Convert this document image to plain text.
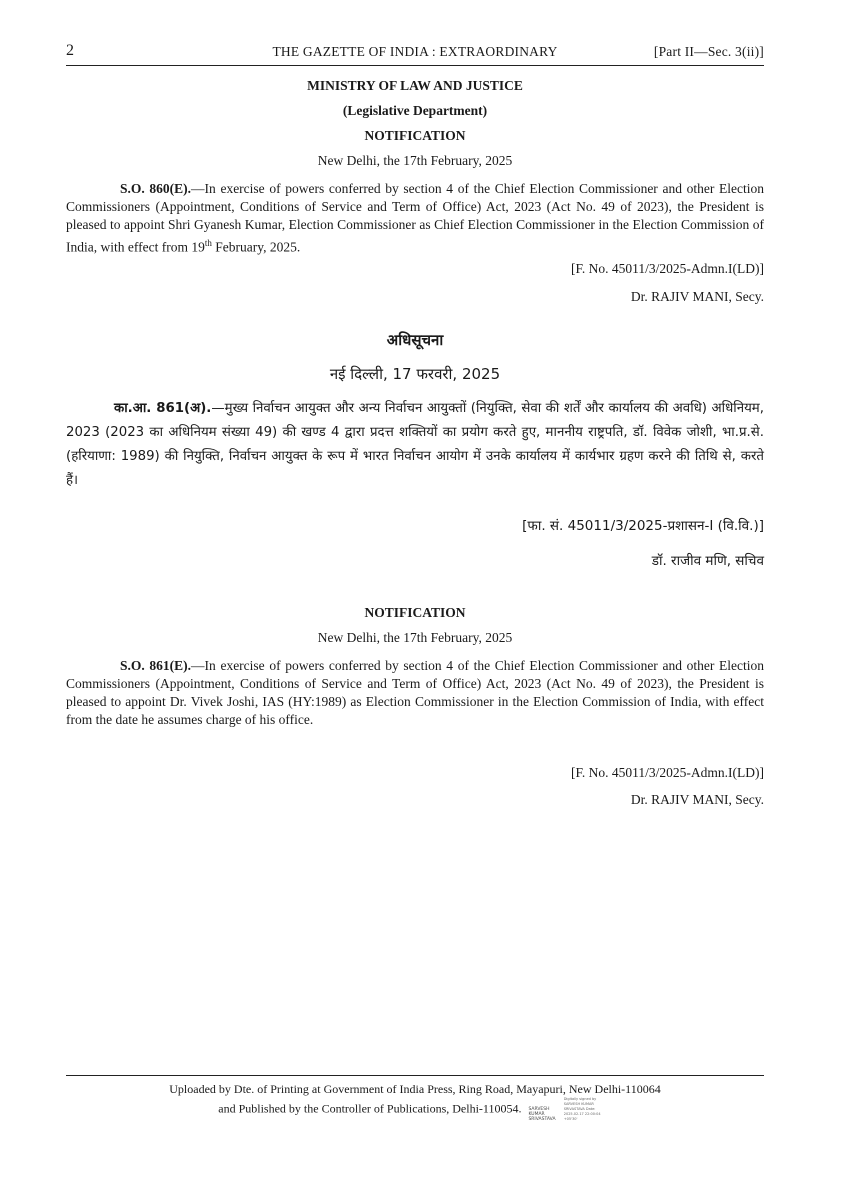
2	THE GAZETTE OF INDIA : EXTRAORDINARY	[Part II—Sec. 3(ii)]
MINISTRY OF LAW AND JUSTICE
(Legislative Department)
NOTIFICATION
New Delhi, the 17th February, 2025

S.O. 860(E).—In exercise of powers conferred by section 4 of the Chief Election Commissioner and other Election Commissioners (Appointment, Conditions of Service and Term of Office) Act, 2023 (Act No. 49 of 2023), the President is pleased to appoint Shri Gyanesh Kumar, Election Commissioner as Chief Election Commissioner in the Election Commission of India, with effect from 19th February, 2025.

[F. No. 45011/3/2025-Admn.I(LD)]
Dr. RAJIV MANI, Secy.
अधिसूचना
नई दिल्ली, 17 फरवरी, 2025

का.आ. 861(अ).—मुख्य निर्वाचन आयुक्त और अन्य निर्वाचन आयुक्तों (नियुक्ति, सेवा की शर्तें और कार्यालय की अवधि) अधिनियम, 2023 (2023 का अधिनियम संख्या 49) की खण्ड 4 द्वारा प्रदत्त शक्तियों का प्रयोग करते हुए, माननीय राष्ट्रपति, डॉ. विवेक जोशी, भा.प्र.से.(हरियाणा: 1989) की नियुक्ति, निर्वाचन आयुक्त के रूप में भारत निर्वाचन आयोग में उनके कार्यालय में कार्यभार ग्रहण करने की तिथि से, करते हैं।

[फा. सं. 45011/3/2025-प्रशासन-I (वि.वि.)]
डॉ. राजीव मणि, सचिव
NOTIFICATION
New Delhi, the 17th February, 2025

S.O. 861(E).—In exercise of powers conferred by section 4 of the Chief Election Commissioner and other Election Commissioners (Appointment, Conditions of Service and Term of Office) Act, 2023 (Act No. 49 of 2023), the President is pleased to appoint Dr. Vivek Joshi, IAS (HY:1989) as Election Commissioner in the Election Commission of India, with effect from the date he assumes charge of his office.

[F. No. 45011/3/2025-Admn.I(LD)]
Dr. RAJIV MANI, Secy.
Uploaded by Dte. of Printing at Government of India Press, Ring Road, Mayapuri, New Delhi-110064
and Published by the Controller of Publications, Delhi-110054. SARVESH KUMAR SRIVASTAVA Digitally signed by SARVESH KUMAR SRIVASTAVA Date: 2025.02.17 22:00:04 +05'30'
